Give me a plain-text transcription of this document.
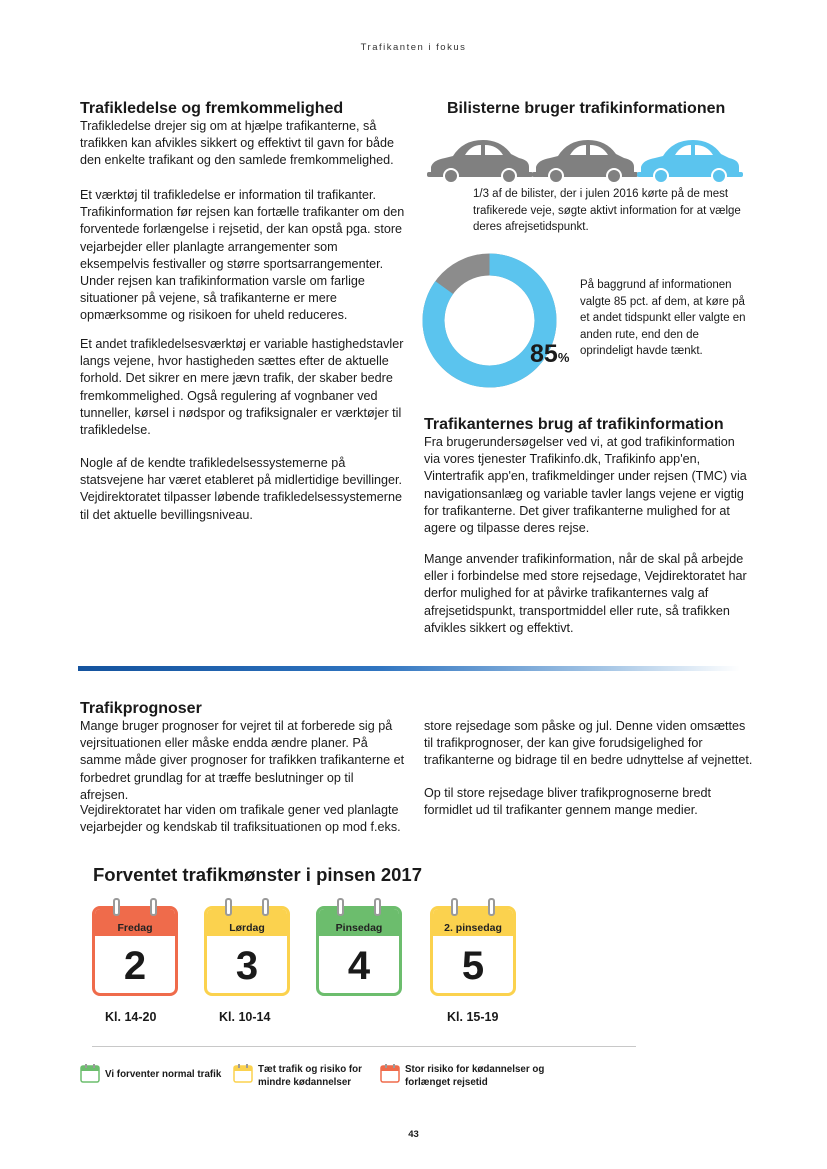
Trafikanten i fokus
Trafikledelse og fremkommelighed

Trafikledelse drejer sig om at hjælpe trafikanterne, så trafikken kan afvikles sikkert og effektivt til gavn for både den enkelte trafikant og den samlede fremkommelighed.

Et værktøj til trafikledelse er information til trafikanter. Trafikinformation før rejsen kan fortælle trafikanter om den forventede forlængelse i rejsetid, der kan opstå pga. store vejarbejder eller planlagte arrangementer som eksempelvis festivaller og større sportsarrangementer. Under rejsen kan trafikinformation varsle om farlige situationer på vejene, så trafikanterne er mere opmærksomme og risikoen for uheld reduceres.

Et andet trafikledelsesværktøj er variable hastighedstavler langs vejene, hvor hastigheden sættes efter de aktuelle forhold. Det sikrer en mere jævn trafik, der skaber bedre fremkommelighed. Også regulering af vognbaner ved tunneller, kørsel i nødspor og trafiksignaler er værktøjer til trafikledelse.

Nogle af de kendte trafikledelsessystemerne på statsvejene har været etableret på midlertidige bevillinger. Vejdirektoratet tilpasser løbende trafikledelsessystemerne til det aktuelle bevillingsniveau.

Bilisterne bruger trafikinformationen
1/3 af de bilister, der i julen 2016 kørte på de mest trafikerede veje, søgte aktivt information for at vælge deres afrejsetidspunkt.
85%
På baggrund af informationen valgte 85 pct. af dem, at køre på et andet tidspunkt eller valgte en anden rute, end den de oprindeligt havde tænkt.
Trafikanternes brug af trafikinformation

Fra brugerundersøgelser ved vi, at god trafikinformation via vores tjenester Trafikinfo.dk, Trafikinfo app'en, Vintertrafik app'en, trafikmeldinger under rejsen (TMC) via navigationsanlæg og variable tavler langs vejene er vigtig for trafikanterne. Det giver trafikanterne mulighed for at agere og tilpasse deres rejse.

Mange anvender trafikinformation, når de skal på arbejde eller i forbindelse med store rejsedage, Vejdirektoratet har derfor mulighed for at påvirke trafikanternes valg af afrejsetidspunkt, transportmiddel eller rute, så trafikken afvikles sikkert og effektivt.

Trafikprognoser

Mange bruger prognoser for vejret til at forberede sig på vejrsituationen eller måske endda ændre planer. På samme måde giver prognoser for trafikken trafikanterne et forbedret grundlag for at træffe beslutninger op til afrejsen.

Vejdirektoratet har viden om trafikale gener ved planlagte vejarbejder og kendskab til trafiksituationen op mod f.eks.

store rejsedage som påske og jul. Denne viden omsættes til trafikprognoser, der kan give forudsigelighed for trafikanterne og bidrage til en bedre udnyttelse af vejnettet.

Op til store rejsedage bliver trafikprognoserne bredt formidlet ud til trafikanter gennem mange medier.

Forventet trafikmønster i pinsen 2017
Fredag
2
Lørdag
3
Pinsedag
4
2. pinsedag
5
Kl. 14-20	Kl. 10-14	Kl. 15-19
Vi forventer normal trafik	Tæt trafik og risiko for mindre kødannelser
Stor risiko for kødannelser og forlænget rejsetid
43
